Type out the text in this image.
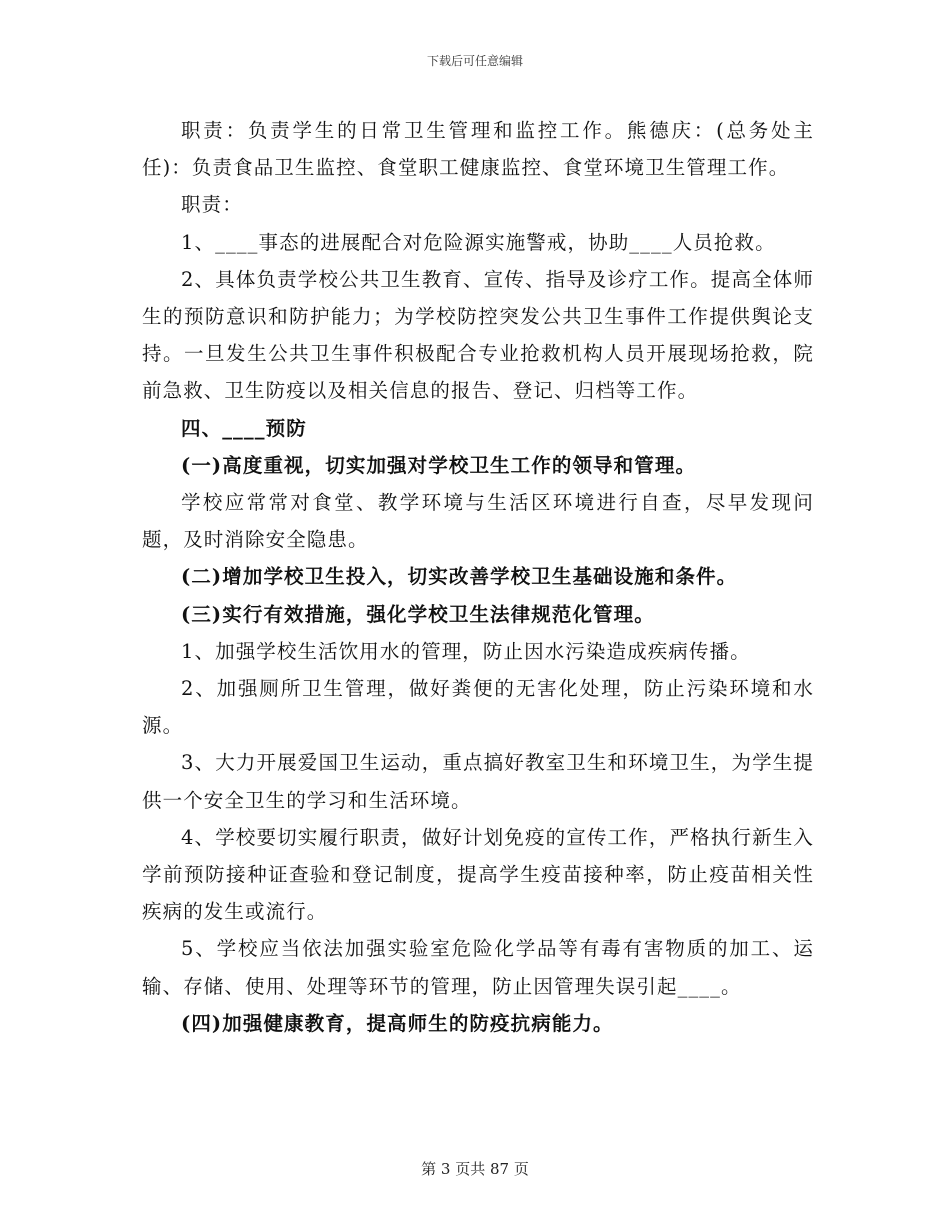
下载后可任意编辑

职责：负责学生的日常卫生管理和监控工作。熊德庆：(总务处主任)：负责食品卫生监控、食堂职工健康监控、食堂环境卫生管理工作。

职责：

1、____事态的进展配合对危险源实施警戒，协助____人员抢救。

2、具体负责学校公共卫生教育、宣传、指导及诊疗工作。提高全体师生的预防意识和防护能力；为学校防控突发公共卫生事件工作提供舆论支持。一旦发生公共卫生事件积极配合专业抢救机构人员开展现场抢救，院前急救、卫生防疫以及相关信息的报告、登记、归档等工作。

四、____预防

(一)高度重视，切实加强对学校卫生工作的领导和管理。

学校应常常对食堂、教学环境与生活区环境进行自查，尽早发现问题，及时消除安全隐患。

(二)增加学校卫生投入，切实改善学校卫生基础设施和条件。

(三)实行有效措施，强化学校卫生法律规范化管理。

1、加强学校生活饮用水的管理，防止因水污染造成疾病传播。

2、加强厕所卫生管理，做好粪便的无害化处理，防止污染环境和水源。

3、大力开展爱国卫生运动，重点搞好教室卫生和环境卫生，为学生提供一个安全卫生的学习和生活环境。

4、学校要切实履行职责，做好计划免疫的宣传工作，严格执行新生入学前预防接种证查验和登记制度，提高学生疫苗接种率，防止疫苗相关性疾病的发生或流行。

5、学校应当依法加强实验室危险化学品等有毒有害物质的加工、运输、存储、使用、处理等环节的管理，防止因管理失误引起____。

(四)加强健康教育，提高师生的防疫抗病能力。

第 3 页共 87 页
